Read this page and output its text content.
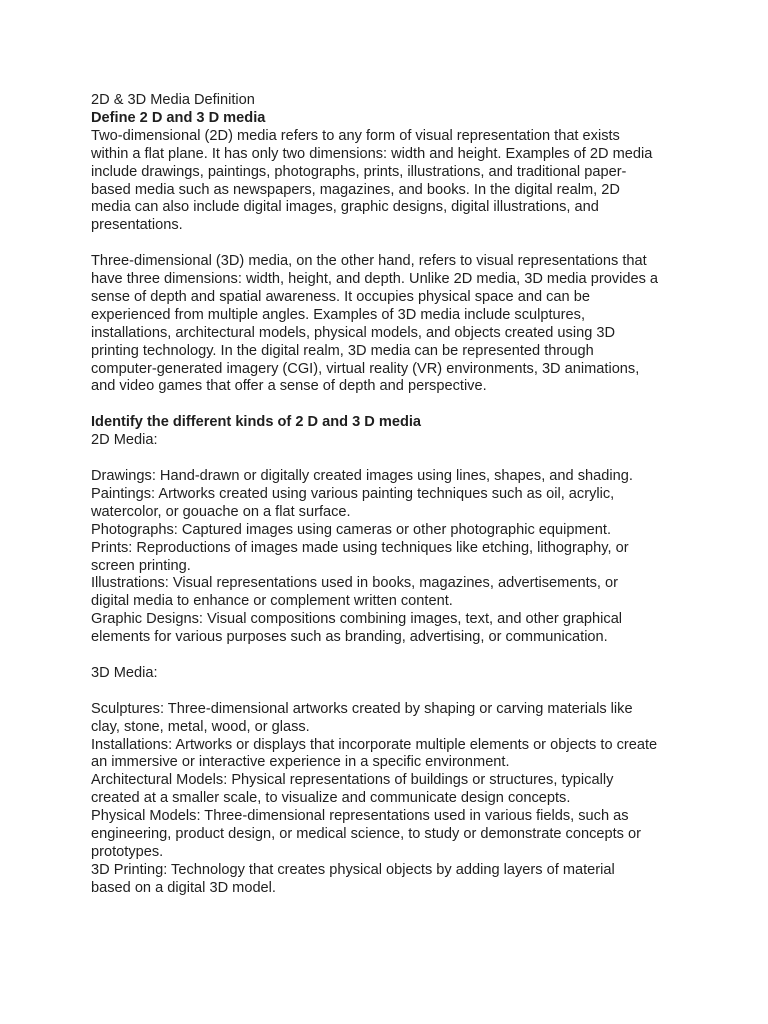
2D & 3D Media Definition
Define 2 D and 3 D media
Two-dimensional (2D) media refers to any form of visual representation that exists
within a flat plane. It has only two dimensions: width and height. Examples of 2D media
include drawings, paintings, photographs, prints, illustrations, and traditional paper-
based media such as newspapers, magazines, and books. In the digital realm, 2D
media can also include digital images, graphic designs, digital illustrations, and
presentations.
Three-dimensional (3D) media, on the other hand, refers to visual representations that
have three dimensions: width, height, and depth. Unlike 2D media, 3D media provides a
sense of depth and spatial awareness. It occupies physical space and can be
experienced from multiple angles. Examples of 3D media include sculptures,
installations, architectural models, physical models, and objects created using 3D
printing technology. In the digital realm, 3D media can be represented through
computer-generated imagery (CGI), virtual reality (VR) environments, 3D animations,
and video games that offer a sense of depth and perspective.
Identify the different kinds of 2 D and 3 D media
2D Media:
Drawings: Hand-drawn or digitally created images using lines, shapes, and shading.
Paintings: Artworks created using various painting techniques such as oil, acrylic,
watercolor, or gouache on a flat surface.
Photographs: Captured images using cameras or other photographic equipment.
Prints: Reproductions of images made using techniques like etching, lithography, or
screen printing.
Illustrations: Visual representations used in books, magazines, advertisements, or
digital media to enhance or complement written content.
Graphic Designs: Visual compositions combining images, text, and other graphical
elements for various purposes such as branding, advertising, or communication.
3D Media:
Sculptures: Three-dimensional artworks created by shaping or carving materials like
clay, stone, metal, wood, or glass.
Installations: Artworks or displays that incorporate multiple elements or objects to create
an immersive or interactive experience in a specific environment.
Architectural Models: Physical representations of buildings or structures, typically
created at a smaller scale, to visualize and communicate design concepts.
Physical Models: Three-dimensional representations used in various fields, such as
engineering, product design, or medical science, to study or demonstrate concepts or
prototypes.
3D Printing: Technology that creates physical objects by adding layers of material
based on a digital 3D model.
